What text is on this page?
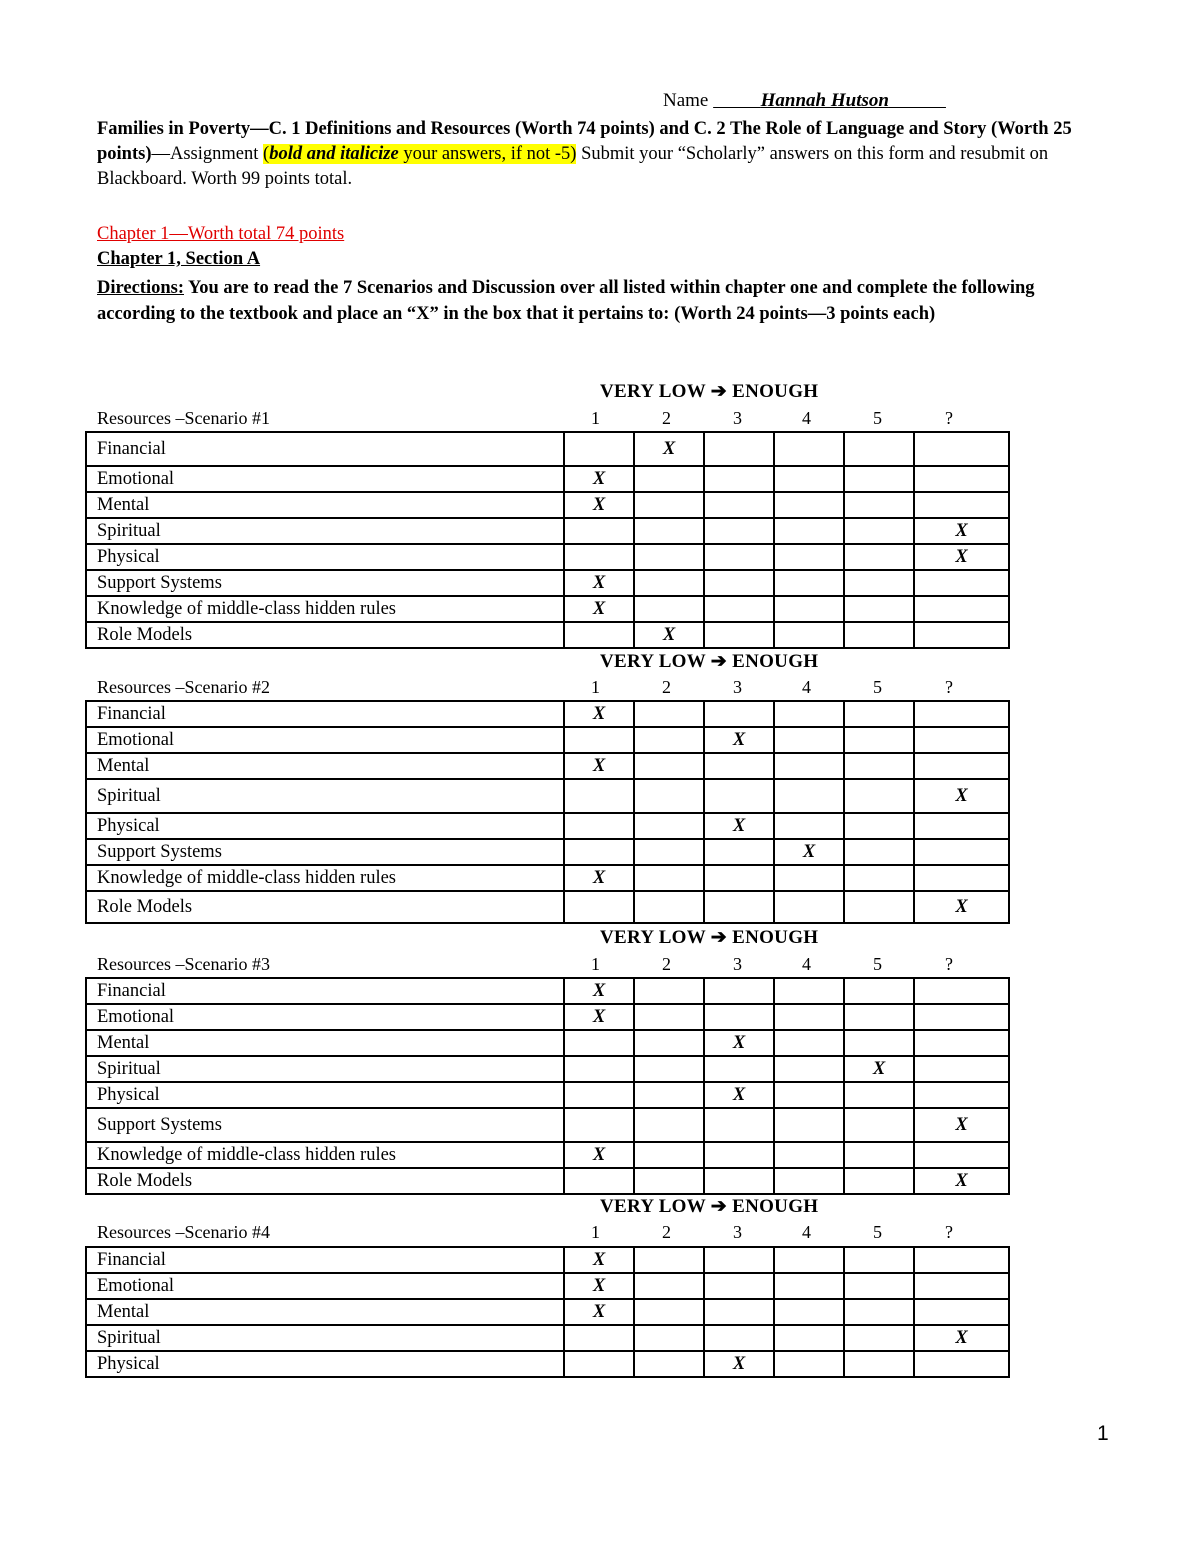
Name	Hannah Hutson
Families in Poverty—C. 1 Definitions and Resources (Worth 74 points) and C. 2 The Role of Language and Story (Worth 25 points)—Assignment (bold and italicize your answers, if not -5) Submit your “Scholarly” answers on this form and resubmit on Blackboard. Worth 99 points total.
Chapter 1—Worth total 74 points
Chapter 1, Section A
Directions: You are to read the 7 Scenarios and Discussion over all listed within chapter one and complete the following according to the textbook and place an “X” in the box that it pertains to: (Worth 24 points—3 points each)
VERY LOW ➔ ENOUGH
Resources –Scenario #1	1	2	3	4	5	?
Financial		X				
Emotional	X					
Mental	X					
Spiritual						X
Physical						X
Support Systems	X					
Knowledge of middle-class hidden rules	X					
Role Models		X				
VERY LOW ➔ ENOUGH
Resources –Scenario #2	1	2	3	4	5	?
Financial	X					
Emotional			X			
Mental	X					
Spiritual						X
Physical			X			
Support Systems				X		
Knowledge of middle-class hidden rules	X					
Role Models						X
VERY LOW ➔ ENOUGH
Resources –Scenario #3	1	2	3	4	5	?
Financial	X					
Emotional	X					
Mental			X			
Spiritual					X	
Physical			X			
Support Systems						X
Knowledge of middle-class hidden rules	X					
Role Models						X
VERY LOW ➔ ENOUGH
Resources –Scenario #4	1	2	3	4	5	?
Financial	X					
Emotional	X					
Mental	X					
Spiritual						X
Physical			X			
1
